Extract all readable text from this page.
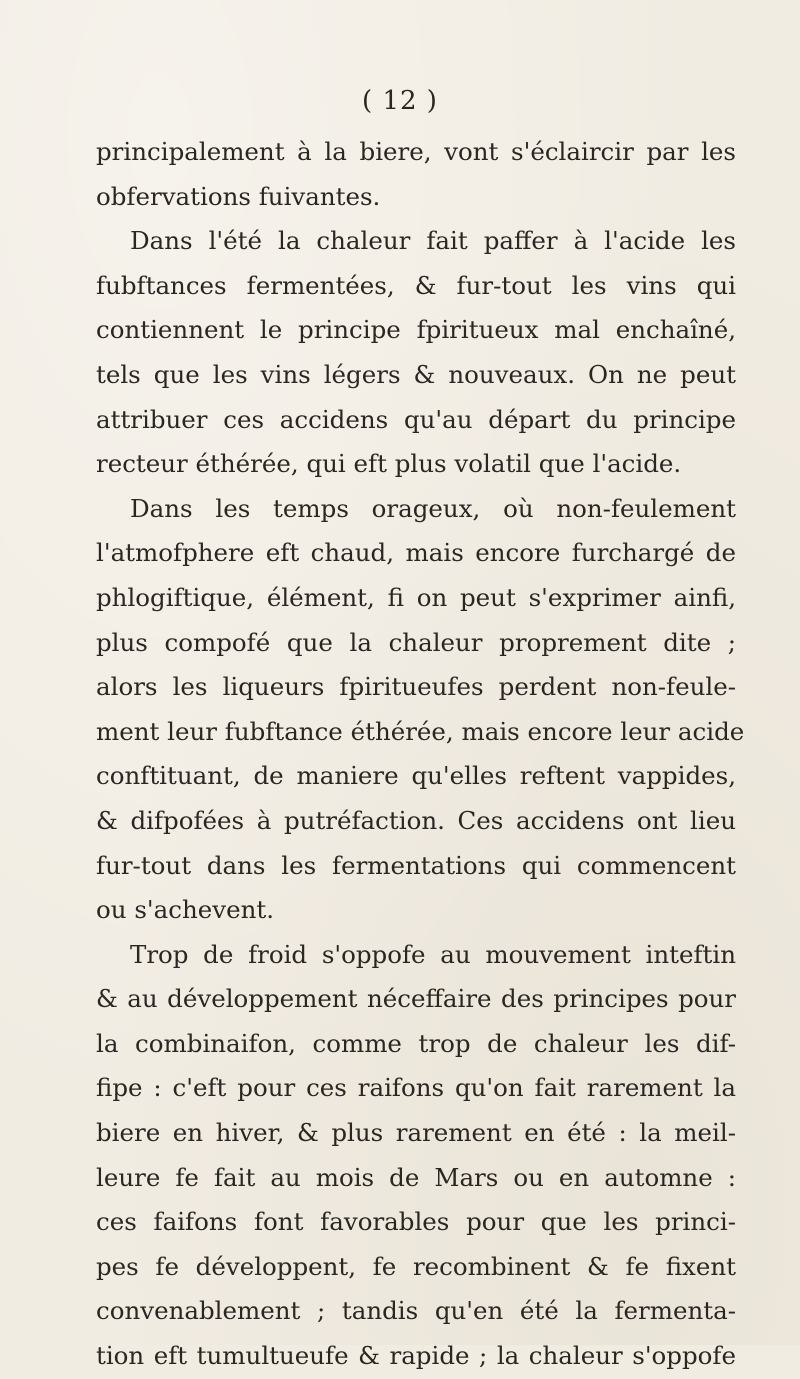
( 12 )
principalement à la biere, vont s'éclaircir par les
obfervations fuivantes.
Dans l'été la chaleur fait paffer à l'acide les
fubftances fermentées, & fur-tout les vins qui
contiennent le principe fpiritueux mal enchaîné,
tels que les vins légers & nouveaux. On ne peut
attribuer ces accidens qu'au départ du principe
recteur éthérée, qui eft plus volatil que l'acide.
Dans les temps orageux, où non-feulement
l'atmofphere eft chaud, mais encore furchargé de
phlogiftique, élément, fi on peut s'exprimer ainfi,
plus compofé que la chaleur proprement dite ;
alors les liqueurs fpiritueufes perdent non-feule-
ment leur fubftance éthérée, mais encore leur acide
conftituant, de maniere qu'elles reftent vappides,
& difpofées à putréfaction. Ces accidens ont lieu
fur-tout dans les fermentations qui commencent
ou s'achevent.
Trop de froid s'oppofe au mouvement inteftin
& au développement néceffaire des principes pour
la combinaifon, comme trop de chaleur les dif-
fipe : c'eft pour ces raifons qu'on fait rarement la
biere en hiver, & plus rarement en été : la meil-
leure fe fait au mois de Mars ou en automne :
ces faifons font favorables pour que les princi-
pes fe développent, fe recombinent & fe fixent
convenablement ; tandis qu'en été la fermenta-
tion eft tumultueufe & rapide ; la chaleur s'oppofe
